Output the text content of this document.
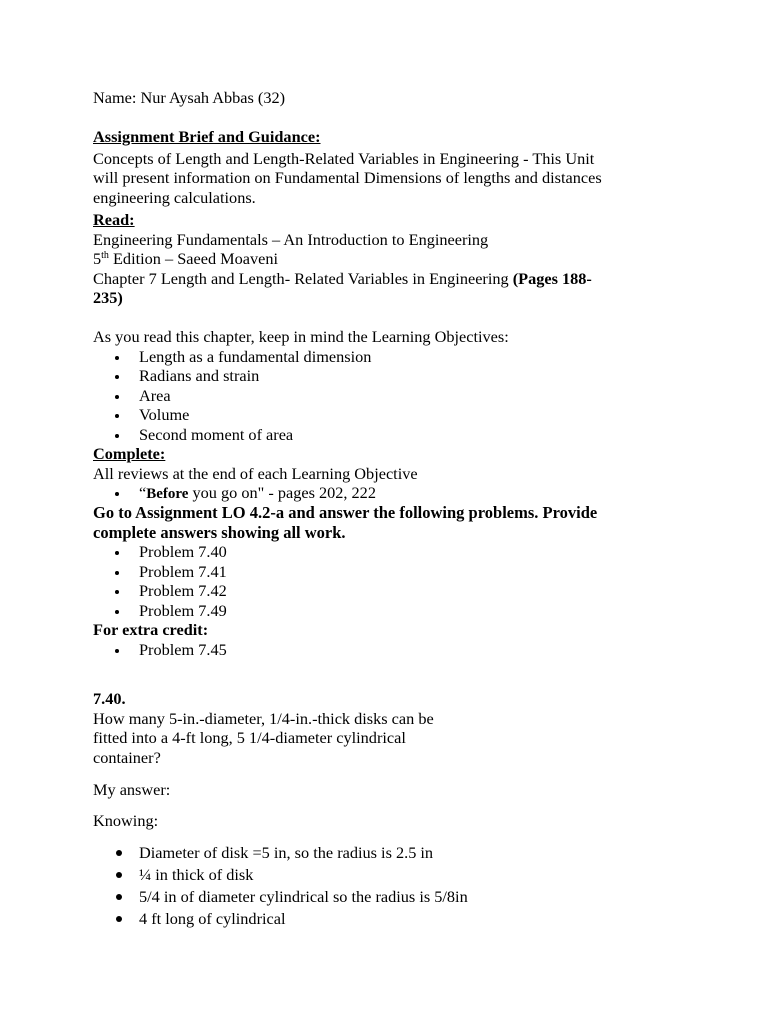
Name: Nur Aysah Abbas (32)

Assignment Brief and Guidance:

Concepts of Length and Length-Related Variables in Engineering - This Unit

will present information on Fundamental Dimensions of lengths and distances

engineering calculations.

Read:

Engineering Fundamentals – An Introduction to Engineering

5th Edition – Saeed Moaveni

Chapter 7 Length and Length- Related Variables in Engineering (Pages 188-

235)

As you read this chapter, keep in mind the Learning Objectives:

Length as a fundamental dimension
Radians and strain
Area
Volume
Second moment of area

Complete:

All reviews at the end of each Learning Objective

“Before you go on" - pages 202, 222

Go to Assignment LO 4.2-a and answer the following problems. Provide

complete answers showing all work.

Problem 7.40
Problem 7.41
Problem 7.42
Problem 7.49

For extra credit:

Problem 7.45

7.40.

How many 5-in.-diameter, 1/4-in.-thick disks can be

fitted into a 4-ft long, 5 1/4-diameter cylindrical

container?

My answer:

Knowing:

Diameter of disk =5 in, so the radius is 2.5 in
¼ in thick of disk
5/4 in of diameter cylindrical so the radius is 5/8in
4 ft long of cylindrical
